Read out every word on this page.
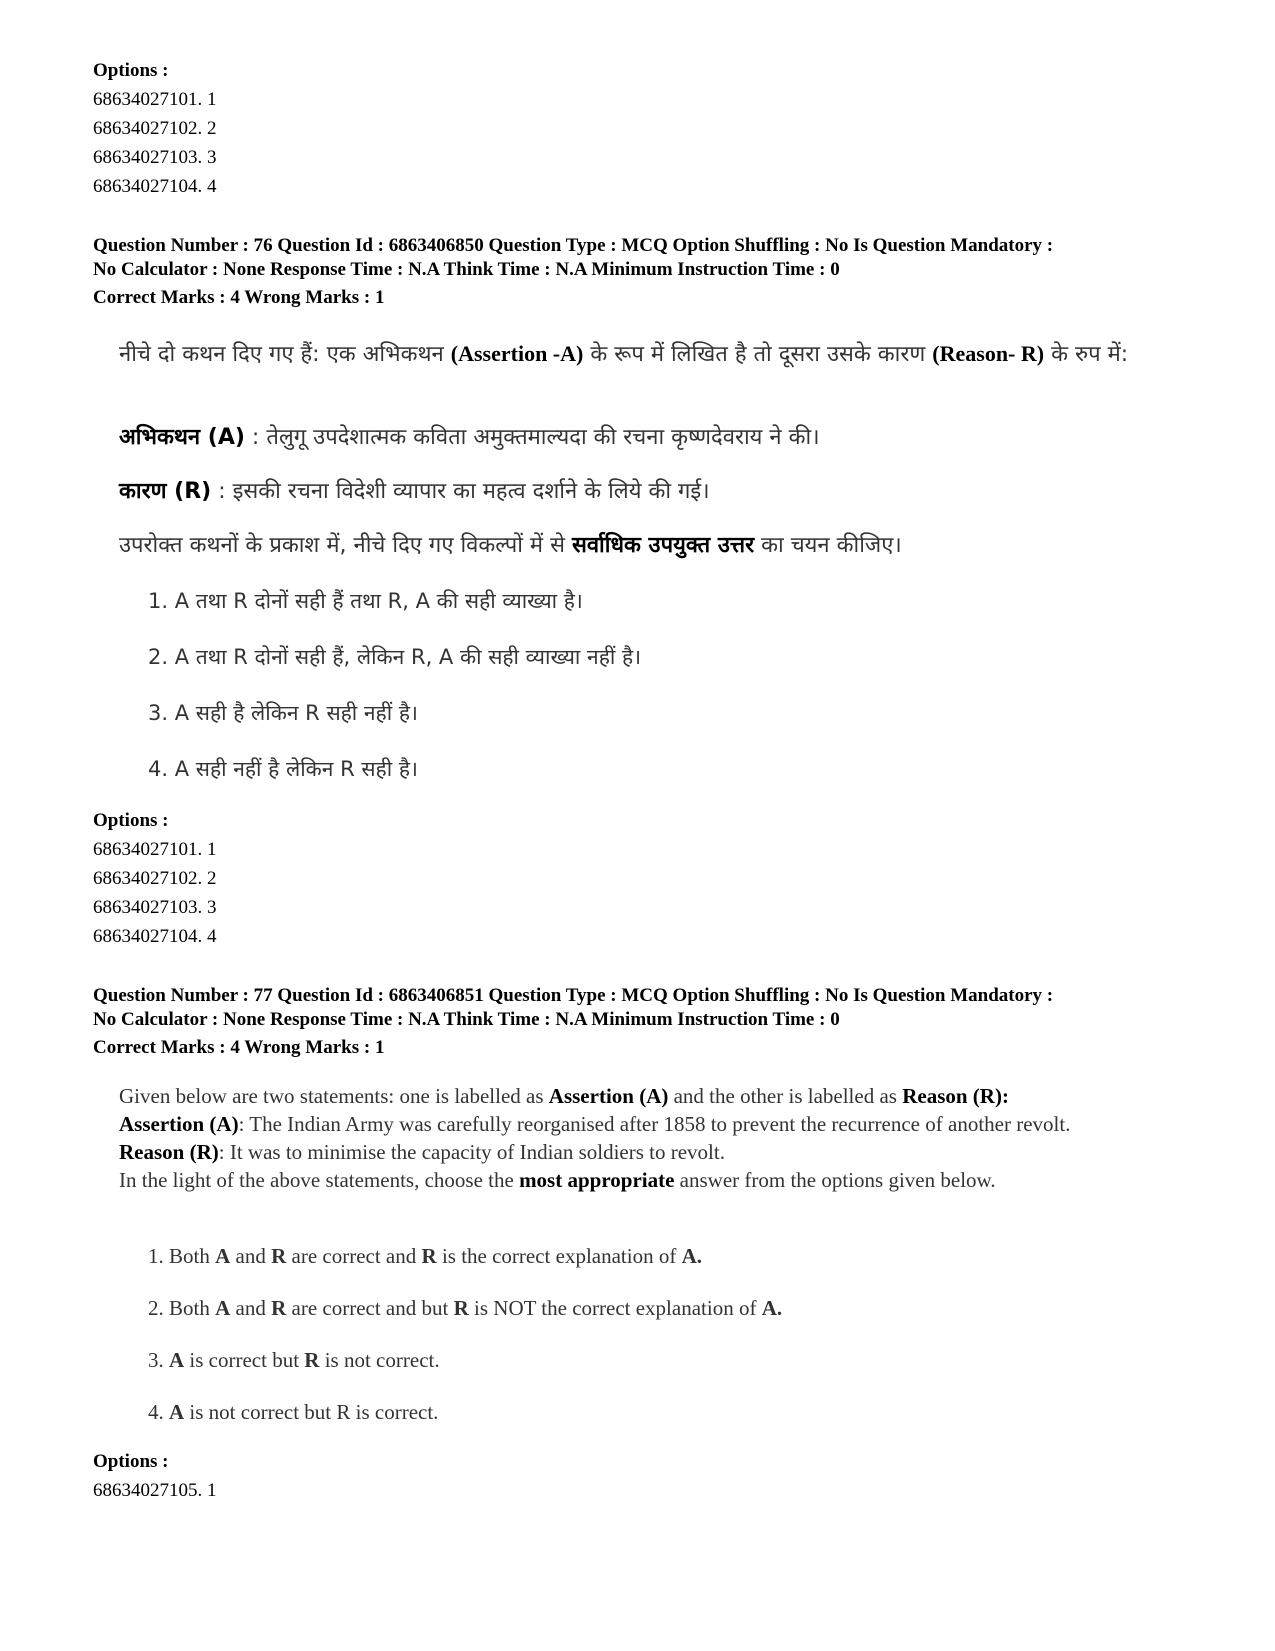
Options :
68634027101. 1
68634027102. 2
68634027103. 3
68634027104. 4
Question Number : 76 Question Id : 6863406850 Question Type : MCQ Option Shuffling : No Is Question Mandatory :
No Calculator : None Response Time : N.A Think Time : N.A Minimum Instruction Time : 0
Correct Marks : 4 Wrong Marks : 1
नीचे दो कथन दिए गए हैं: एक अभिकथन (Assertion -A) के रूप में लिखित है तो दूसरा उसके कारण (Reason- R) के रुप में:
अभिकथन (A) : तेलुगू उपदेशात्मक कविता अमुक्तमाल्यदा की रचना कृष्णदेवराय ने की।
कारण (R) : इसकी रचना विदेशी व्यापार का महत्व दर्शाने के लिये की गई।
उपरोक्त कथनों के प्रकाश में, नीचे दिए गए विकल्पों में से सर्वाधिक उपयुक्त उत्तर का चयन कीजिए।
1. A तथा R दोनों सही हैं तथा R, A की सही व्याख्या है।
2. A तथा R दोनों सही हैं, लेकिन R, A की सही व्याख्या नहीं है।
3. A सही है लेकिन R सही नहीं है।
4. A सही नहीं है लेकिन R सही है।
Options :
68634027101. 1
68634027102. 2
68634027103. 3
68634027104. 4
Question Number : 77 Question Id : 6863406851 Question Type : MCQ Option Shuffling : No Is Question Mandatory :
No Calculator : None Response Time : N.A Think Time : N.A Minimum Instruction Time : 0
Correct Marks : 4 Wrong Marks : 1
Given below are two statements: one is labelled as Assertion (A) and the other is labelled as Reason (R):
Assertion (A): The Indian Army was carefully reorganised after 1858 to prevent the recurrence of another revolt.
Reason (R): It was to minimise the capacity of Indian soldiers to revolt.
In the light of the above statements, choose the most appropriate answer from the options given below.
1. Both A and R are correct and R is the correct explanation of A.
2. Both A and R are correct and but R is NOT the correct explanation of A.
3. A is correct but R is not correct.
4. A is not correct but R is correct.
Options :
68634027105. 1
